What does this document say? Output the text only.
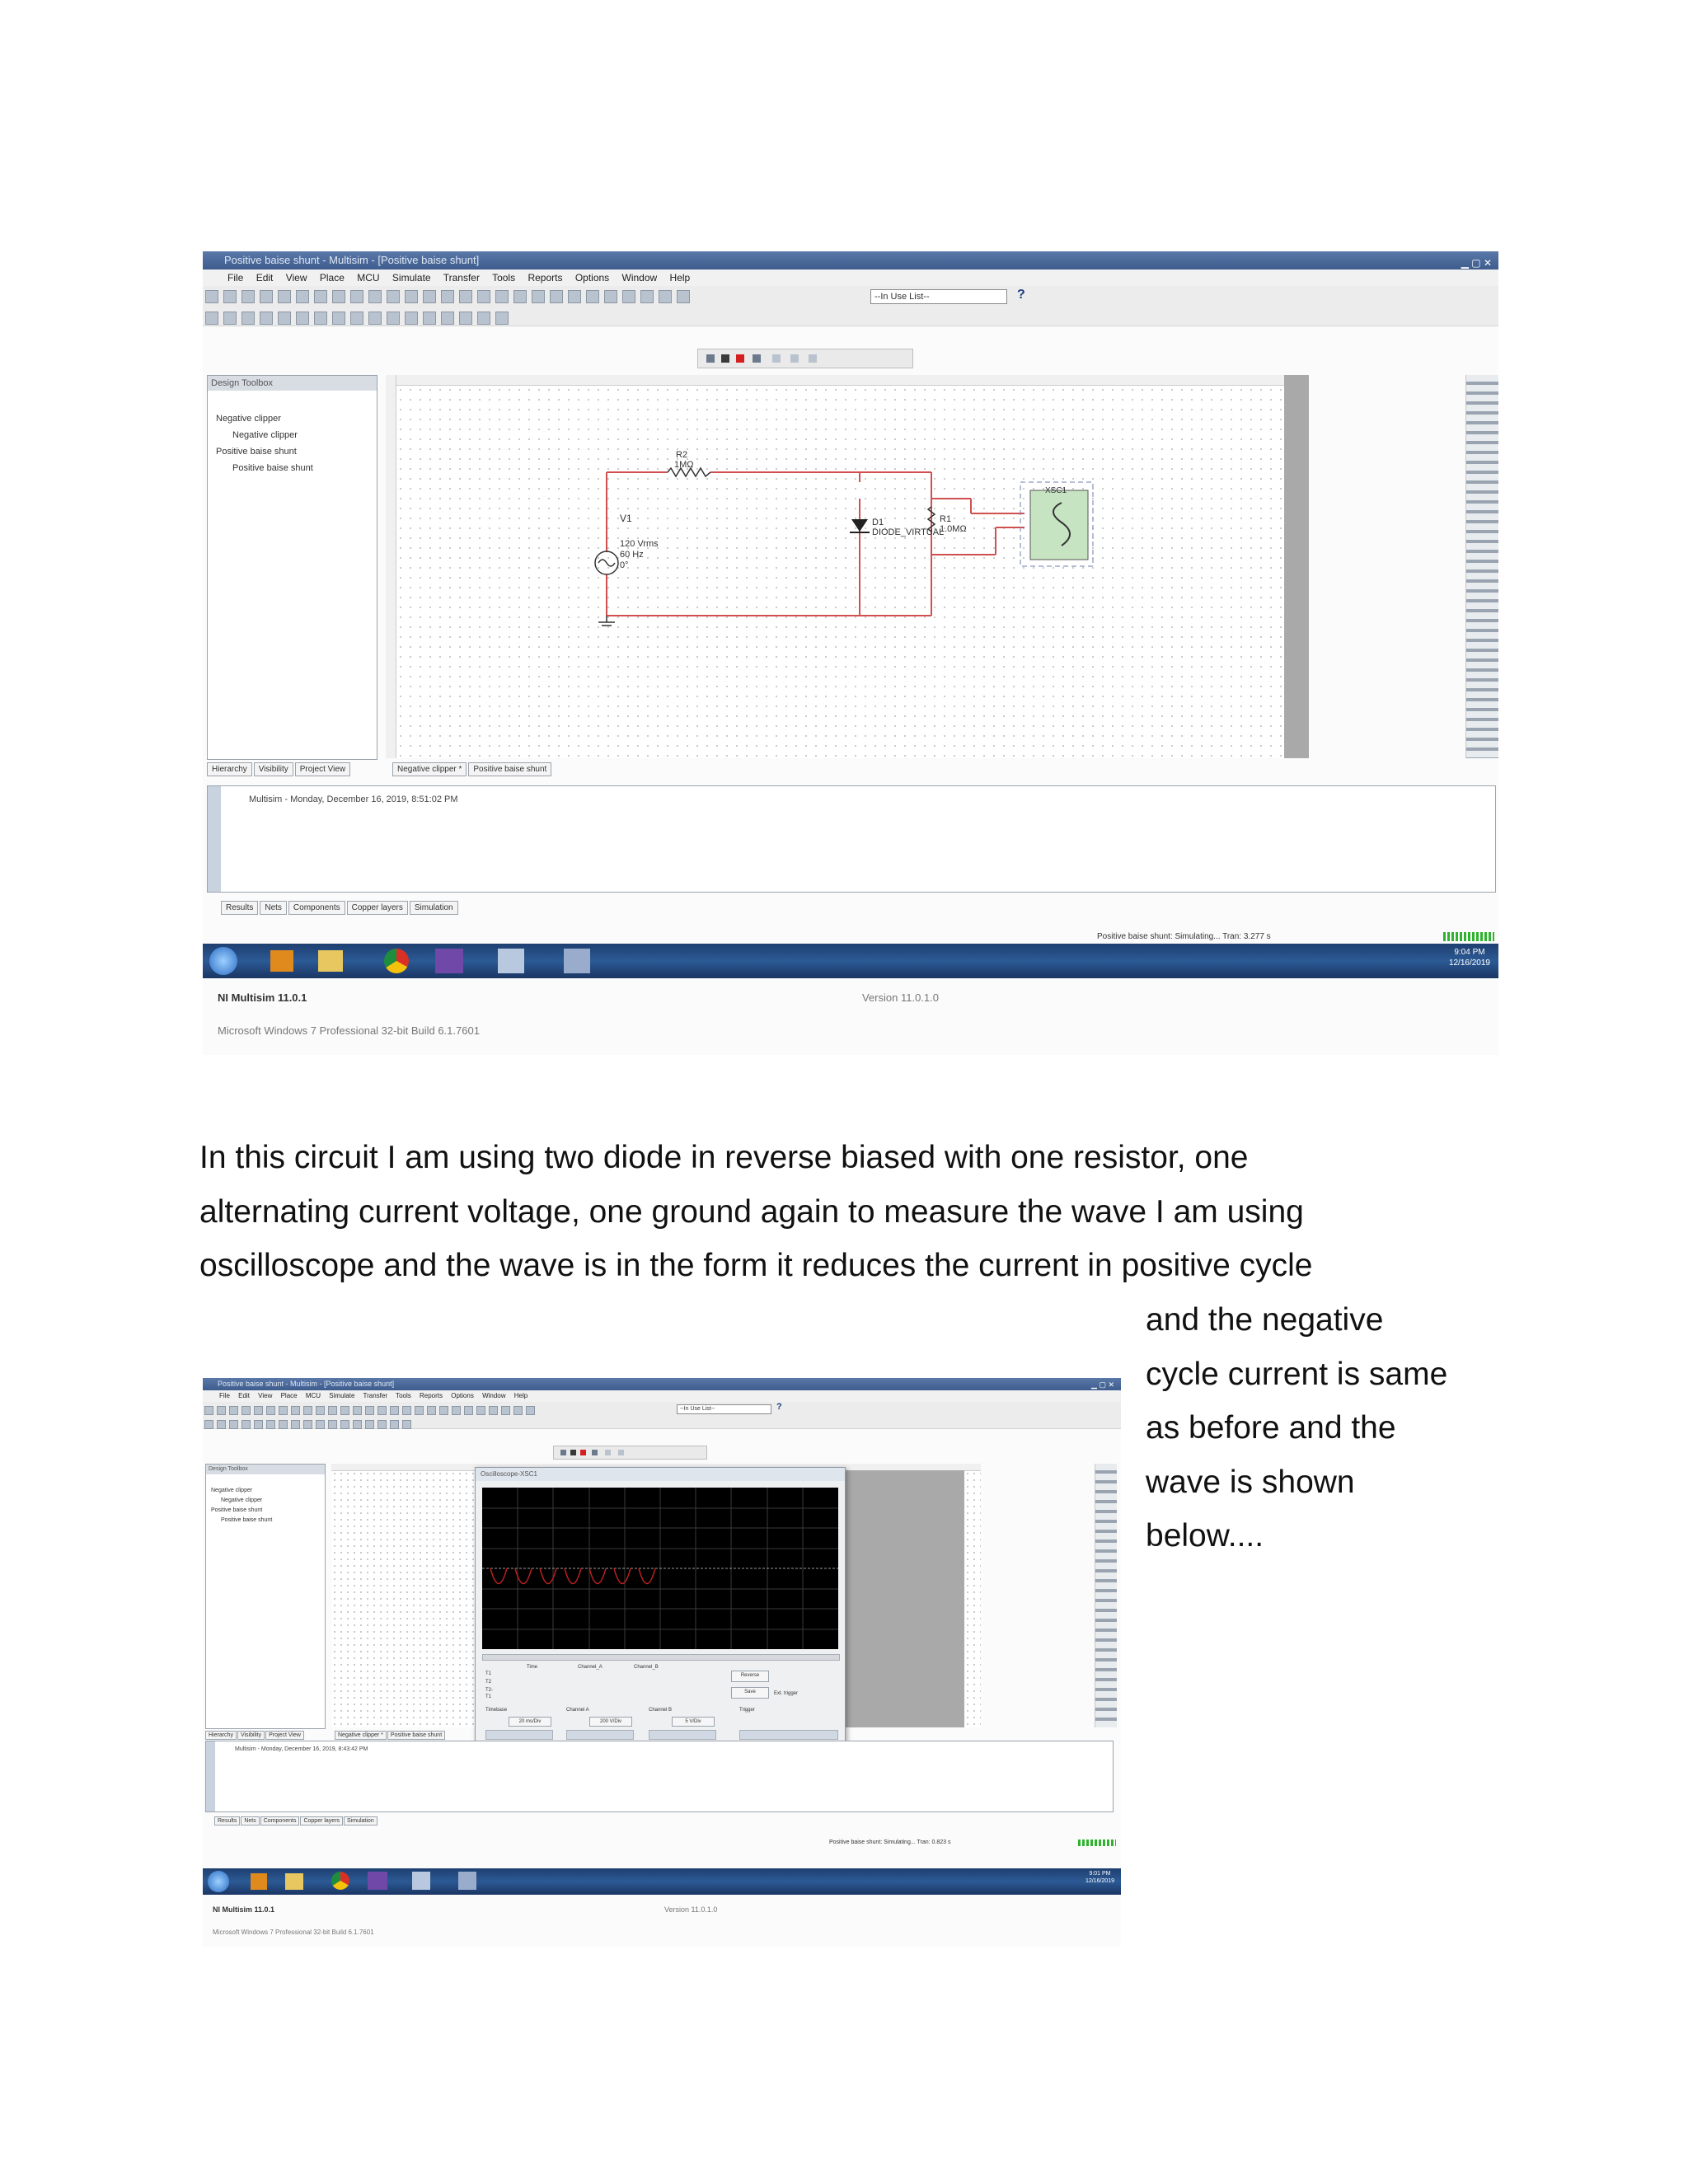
Positive baise shunt - Multisim - [Positive baise shunt]	▁ ▢ ✕
File Edit View Place MCU Simulate Transfer Tools Reports Options Window Help
--In Use List--	?
Design Toolbox
Negative clipper
Negative clipper
Positive baise shunt
Positive baise shunt
Hierarchy Visibility Project View
R2
1MΩ
V1
120 Vrms
60 Hz
0°
D1
DIODE_VIRTUAL
R1
1.0MΩ
XSC1
Negative clipper * Positive baise shunt
Multisim - Monday, December 16, 2019, 8:51:02 PM
Results Nets Components Copper layers Simulation
Positive baise shunt: Simulating... Tran: 3.277 s
9:04 PM
12/16/2019
NI Multisim 11.0.1	Version 11.0.1.0
Microsoft Windows 7 Professional 32-bit Build 6.1.7601
In this circuit I am using two diode in reverse biased with one resistor, one
alternating current voltage, one ground again to measure the wave I am using
oscilloscope and the wave is in the form it reduces the current in positive cycle
and the negative
cycle current is same
as before and the
wave is shown
below....
Positive baise shunt - Multisim - [Positive baise shunt]	▁ ▢ ✕
File Edit View Place MCU Simulate Transfer Tools Reports Options Window Help
--In Use List--	?
Design Toolbox
Negative clipper
Negative clipper
Positive baise shunt
Positive baise shunt
Hierarchy Visibility Project View	Negative clipper * Positive baise shunt
Oscilloscope-XSC1
T1
T2
T2-T1
Time	Channel_A	Channel_B
Reverse
Save	Ext. trigger
Timebase	Channel A	Channel B	Trigger
20 ms/Div	200 V/Div	5 V/Div
Multisim - Monday, December 16, 2019, 8:43:42 PM
Results Nets Components Copper layers Simulation
Positive baise shunt: Simulating... Tran: 0.823 s
9:01 PM
12/16/2019
NI Multisim 11.0.1	Version 11.0.1.0
Microsoft Windows 7 Professional 32-bit Build 6.1.7601
